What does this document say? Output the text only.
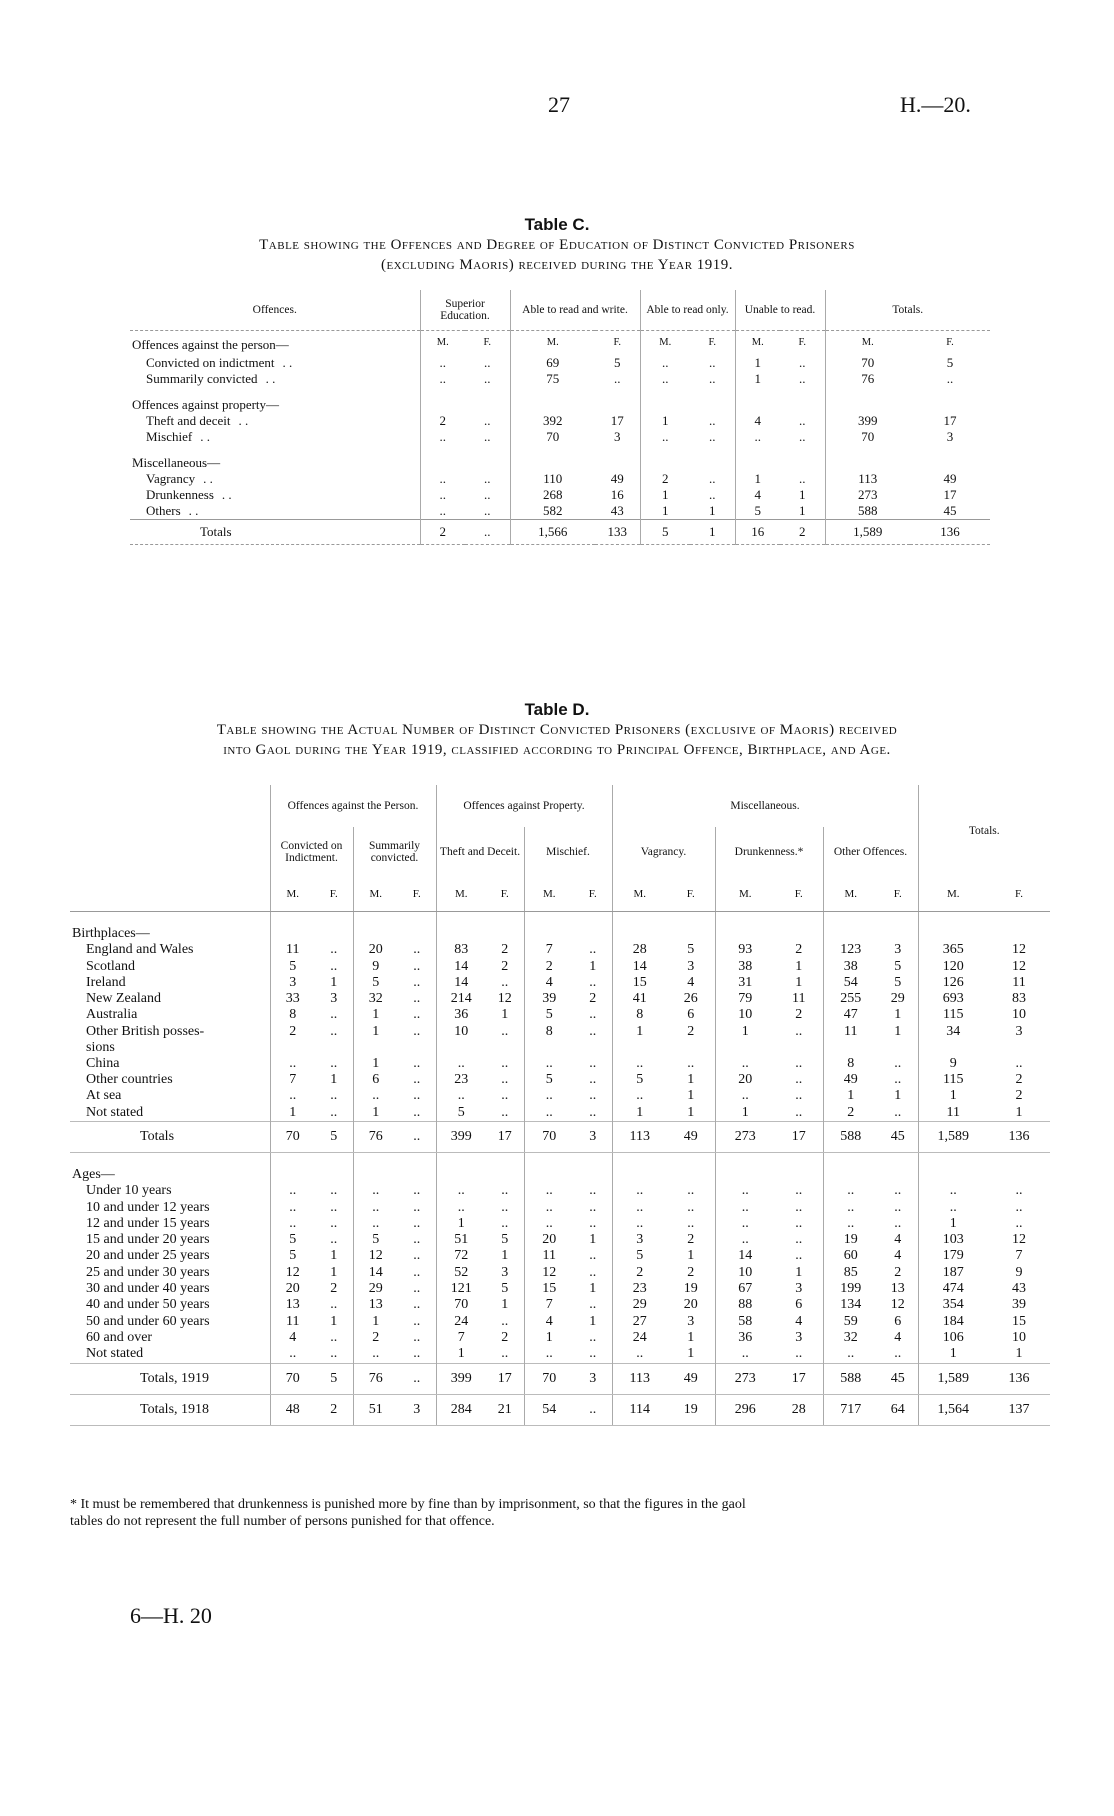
27	H.—20.
Table C.
Table showing the Offences and Degree of Education of Distinct Convicted Prisoners
(excluding Maoris) received during the Year 1919.
Offences.	Superior Education.		Able to read and write.		Able to read only.		Unable to read.		Totals.	
Offences against the person—	M.	F.	M.	F.	M.	F.	M.	F.	M.	F.
Convicted on indictment . .	..	..	69	5	..	..	1	..	70	5
Summarily convicted . .	..	..	75	..	..	..	1	..	76	..
Offences against property—										
Theft and deceit . .	2	..	392	17	1	..	4	..	399	17
Mischief . .	..	..	70	3	..	..	..	..	70	3
Miscellaneous—										
Vagrancy . .	..	..	110	49	2	..	1	..	113	49
Drunkenness . .	..	..	268	16	1	..	4	1	273	17
Others . .	..	..	582	43	1	1	5	1	588	45
Totals	2	..	1,566	133	5	1	16	2	1,589	136
Table D.
Table showing the Actual Number of Distinct Convicted Prisoners (exclusive of Maoris) received
into Gaol during the Year 1919, classified according to Principal Offence, Birthplace, and Age.
	Offences against the Person.				Offences against Property.				Miscellaneous.						Totals.	
	Convicted on Indictment.		Summarily convicted.		Theft and Deceit.		Mischief.		Vagrancy.		Drunkenness.*		Other Offences.			
	M.	F.	M.	F.	M.	F.	M.	F.	M.	F.	M.	F.	M.	F.	M.	F.
Birthplaces—																
England and Wales	11	..	20	..	83	2	7	..	28	5	93	2	123	3	365	12
Scotland	5	..	9	..	14	2	2	1	14	3	38	1	38	5	120	12
Ireland	3	1	5	..	14	..	4	..	15	4	31	1	54	5	126	11
New Zealand	33	3	32	..	214	12	39	2	41	26	79	11	255	29	693	83
Australia	8	..	1	..	36	1	5	..	8	6	10	2	47	1	115	10
Other British posses-
sions	2	..	1	..	10	..	8	..	1	2	1	..	11	1	34	3
China	..	..	1	..	..	..	..	..	..	..	..	..	8	..	9	..
Other countries	7	1	6	..	23	..	5	..	5	1	20	..	49	..	115	2
At sea	..	..	..	..	..	..	..	..	..	1	..	..	1	1	1	2
Not stated	1	..	1	..	5	..	..	..	1	1	1	..	2	..	11	1
Totals	70	5	76	..	399	17	70	3	113	49	273	17	588	45	1,589	136
Ages—																
Under 10 years	..	..	..	..	..	..	..	..	..	..	..	..	..	..	..	..
10 and under 12 years	..	..	..	..	..	..	..	..	..	..	..	..	..	..	..	..
12 and under 15 years	..	..	..	..	1	..	..	..	..	..	..	..	..	..	1	..
15 and under 20 years	5	..	5	..	51	5	20	1	3	2	..	..	19	4	103	12
20 and under 25 years	5	1	12	..	72	1	11	..	5	1	14	..	60	4	179	7
25 and under 30 years	12	1	14	..	52	3	12	..	2	2	10	1	85	2	187	9
30 and under 40 years	20	2	29	..	121	5	15	1	23	19	67	3	199	13	474	43
40 and under 50 years	13	..	13	..	70	1	7	..	29	20	88	6	134	12	354	39
50 and under 60 years	11	1	1	..	24	..	4	1	27	3	58	4	59	6	184	15
60 and over	4	..	2	..	7	2	1	..	24	1	36	3	32	4	106	10
Not stated	..	..	..	..	1	..	..	..	..	1	..	..	..	..	1	1
Totals, 1919	70	5	76	..	399	17	70	3	113	49	273	17	588	45	1,589	136
Totals, 1918	48	2	51	3	284	21	54	..	114	19	296	28	717	64	1,564	137
* It must be remembered that drunkenness is punished more by fine than by imprisonment, so that the figures in the gaol
tables do not represent the full number of persons punished for that offence.
6—H. 20
